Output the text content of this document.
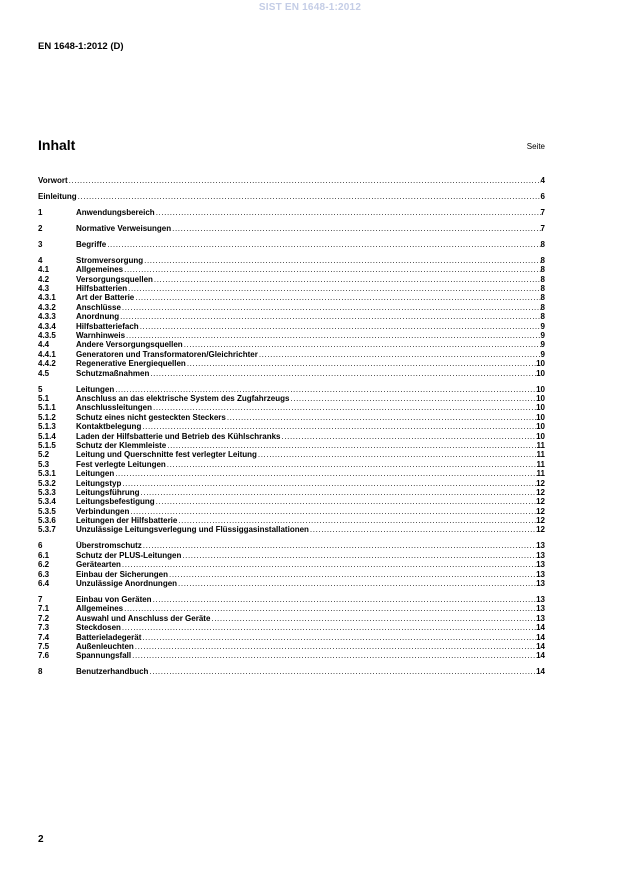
SIST EN 1648-1:2012
EN 1648-1:2012 (D)
Inhalt	Seite
Vorwort .....	4
Einleitung .....	6
1	Anwendungsbereich .....	7
2	Normative Verweisungen .....	7
3	Begriffe .....	8
4	Stromversorgung .....	8
4.1	Allgemeines .....	8
4.2	Versorgungsquellen .....	8
4.3	Hilfsbatterien .....	8
4.3.1	Art der Batterie .....	8
4.3.2	Anschlüsse .....	8
4.3.3	Anordnung .....	8
4.3.4	Hilfsbatteriefach .....	9
4.3.5	Warnhinweis .....	9
4.4	Andere Versorgungsquellen .....	9
4.4.1	Generatoren und Transformatoren/Gleichrichter .....	9
4.4.2	Regenerative Energiequellen .....	10
4.5	Schutzmaßnahmen .....	10
5	Leitungen .....	10
5.1	Anschluss an das elektrische System des Zugfahrzeugs .....	10
5.1.1	Anschlussleitungen .....	10
5.1.2	Schutz eines nicht gesteckten Steckers .....	10
5.1.3	Kontaktbelegung .....	10
5.1.4	Laden der Hilfsbatterie und Betrieb des Kühlschranks .....	10
5.1.5	Schutz der Klemmleiste .....	11
5.2	Leitung und Querschnitte fest verlegter Leitung .....	11
5.3	Fest verlegte Leitungen .....	11
5.3.1	Leitungen .....	11
5.3.2	Leitungstyp .....	12
5.3.3	Leitungsführung .....	12
5.3.4	Leitungsbefestigung .....	12
5.3.5	Verbindungen .....	12
5.3.6	Leitungen der Hilfsbatterie .....	12
5.3.7	Unzulässige Leitungsverlegung und Flüssiggasinstallationen .....	12
6	Überstromschutz .....	13
6.1	Schutz der PLUS-Leitungen .....	13
6.2	Gerätearten .....	13
6.3	Einbau der Sicherungen .....	13
6.4	Unzulässige Anordnungen .....	13
7	Einbau von Geräten .....	13
7.1	Allgemeines .....	13
7.2	Auswahl und Anschluss der Geräte .....	13
7.3	Steckdosen .....	14
7.4	Batterieladegerät .....	14
7.5	Außenleuchten .....	14
7.6	Spannungsfall .....	14
8	Benutzerhandbuch .....	14
2
